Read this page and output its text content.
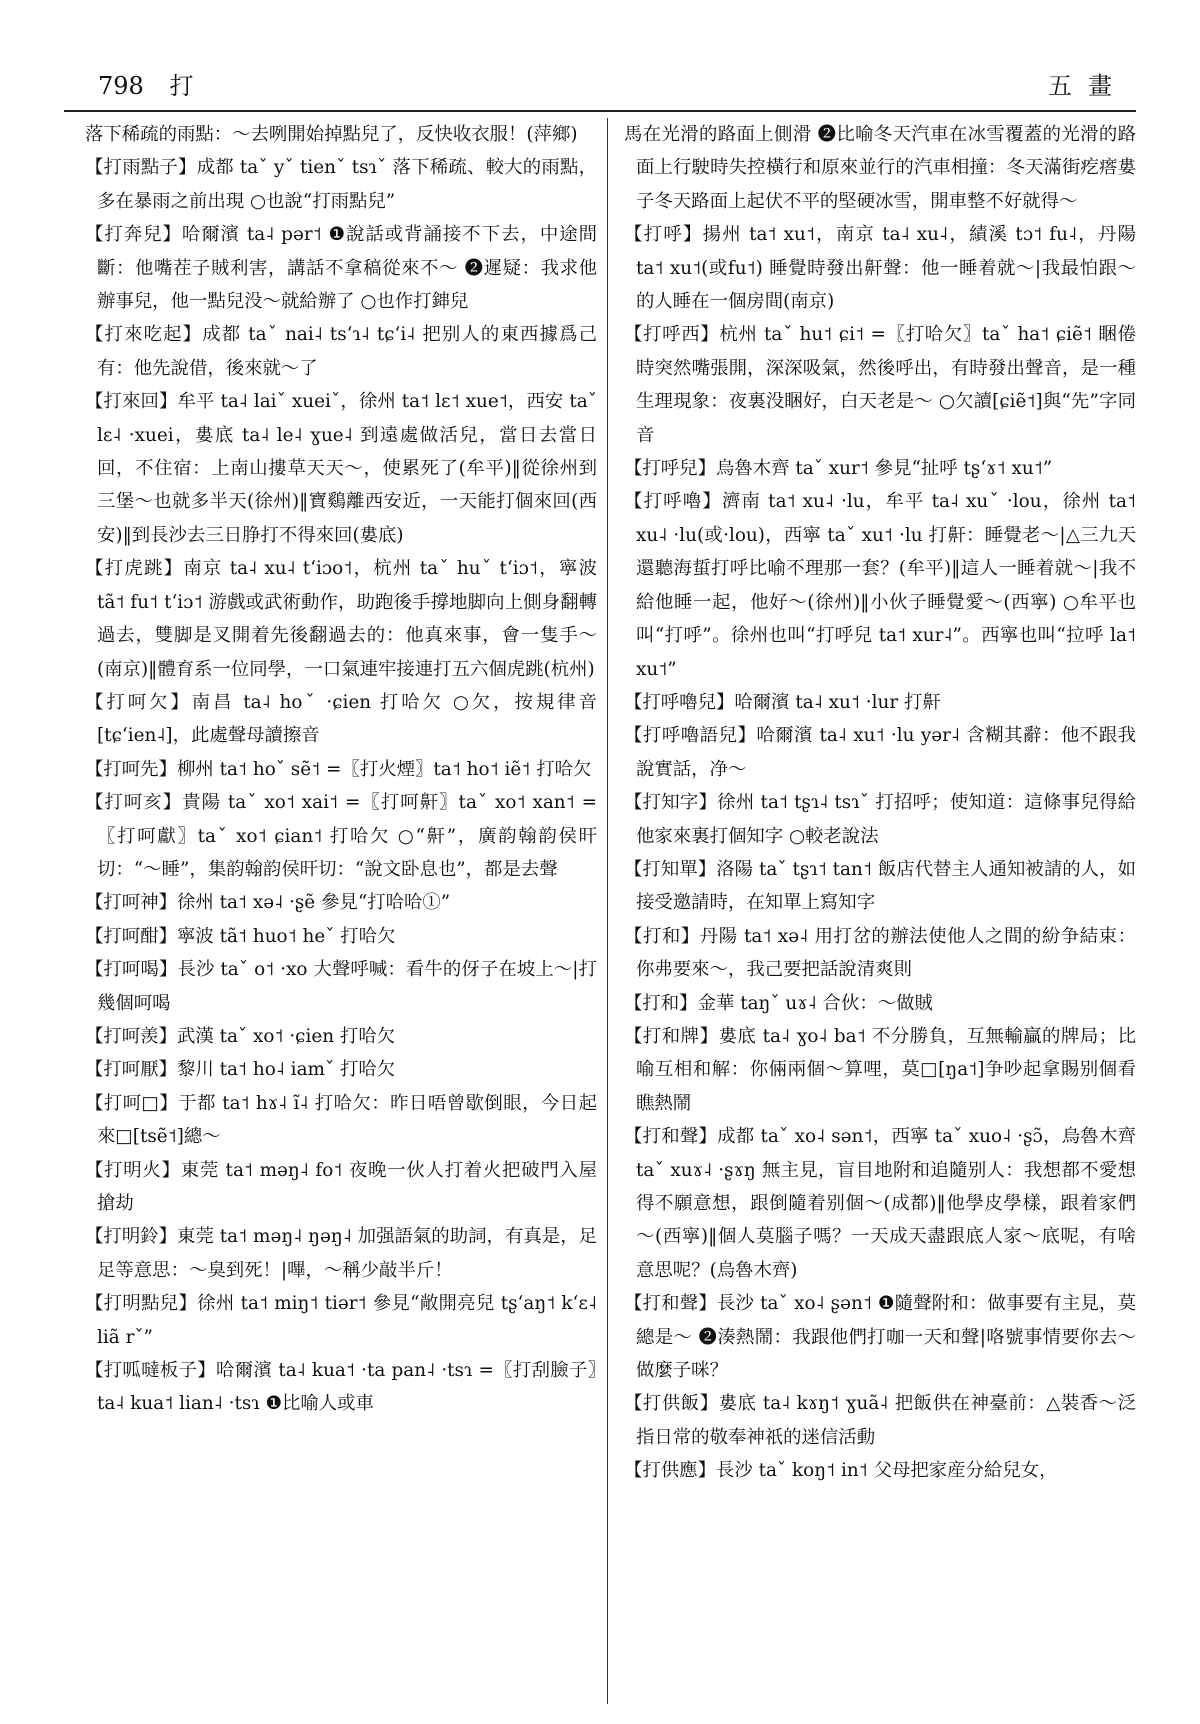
798 打	五畫

落下稀疏的雨點：～去咧開始掉點兒了，反快收衣服！(萍鄉)

【打雨點子】成都 taˇ yˇ tienˇ tsɿˇ 落下稀疏、較大的雨點，多在暴雨之前出現 ○也說“打雨點兒”

【打奔兒】哈爾濱 ta˨ pər˦ ❶說話或背誦接不下去，中途間斷：他嘴茬子賊利害，講話不拿稿從來不～ ❷遲疑：我求他辦事兒，他一點兒没～就給辦了 ○也作打鋛兒

【打來吃起】成都 taˇ nai˨ tsʻɿ˨ tɕʻi˨ 把别人的東西據爲己有：他先說借，後來就～了

【打來回】牟平 ta˨ laiˇ xueiˇ，徐州 ta˦ lɛ˦ xue˦，西安 taˇ lɛ˨ ·xuei，婁底 ta˨ le˨ ɣue˨ 到遠處做活兒，當日去當日回，不住宿：上南山摟草天天～，使累死了(牟平)‖從徐州到三堡～也就多半天(徐州)‖寶鷄離西安近，一天能打個來回(西安)‖到長沙去三日㬹打不得來回(婁底)

【打虎跳】南京 ta˨ xu˨ tʻiɔo˦，杭州 taˇ huˇ tʻiɔ˦，寧波 tã˦ fu˦ tʻiɔ˦ 游戲或武術動作，助跑後手撐地脚向上側身翻轉過去，雙脚是叉開着先後翻過去的：他真來事，會一隻手～(南京)‖體育系一位同學，一口氣連牢接連打五六個虎跳(杭州)

【打呵欠】南昌 ta˨ hoˇ ·ɕien 打哈欠 ○欠，按規律音[tɕʻien˨]，此處聲母讀擦音

【打呵先】柳州 ta˦ hoˇ sẽ˦ =〖打火煙〗ta˦ ho˦ iẽ˦ 打哈欠

【打呵亥】貴陽 taˇ xo˦ xai˦ =〖打呵鼾〗taˇ xo˦ xan˦ =〖打呵獻〗taˇ xo˦ ɕian˦ 打哈欠 ○“鼾”，廣韵翰韵侯旰切：“～睡”，集韵翰韵侯旰切：“說文卧息也”，都是去聲

【打呵神】徐州 ta˦ xə˨ ·ʂẽ 參見“打哈哈①”

【打呵酣】寧波 tã˦ huo˦ heˇ 打哈欠

【打呵喝】長沙 taˇ o˦ ·xo 大聲呼喊：看牛的伢子在坡上～|打幾個呵喝

【打呵羡】武漢 taˇ xo˦ ·ɕien 打哈欠

【打呵厭】黎川 ta˦ ho˨ iamˇ 打哈欠

【打呵□】于都 ta˦ hɤ˨ ĩ˨ 打哈欠：昨日唔曾歇倒眼，今日起來□[tsẽ˦]總～

【打明火】東莞 ta˦ məŋ˨ fo˦ 夜晚一伙人打着火把破門入屋搶劫

【打明鈴】東莞 ta˦ məŋ˨ ŋəŋ˨ 加强語氣的助詞，有真是，足足等意思：～臭到死！|嗶，～稱少敲半斤！

【打明點兒】徐州 ta˦ miŋ˦ tiər˦ 參見“敞開亮兒 tʂʻaŋ˦ kʻɛ˨ liã rˇ”

【打呱噠板子】哈爾濱 ta˨ kua˦ ·ta pan˨ ·tsɿ =〖打刮臉子〗ta˨ kua˦ lian˨ ·tsɿ ❶比喻人或車

馬在光滑的路面上側滑 ❷比喻冬天汽車在冰雪覆蓋的光滑的路面上行駛時失控橫行和原來並行的汽車相撞：冬天滿街疙瘩婁子冬天路面上起伏不平的堅硬冰雪，開車整不好就得～

【打呼】揚州 ta˦ xu˦，南京 ta˨ xu˨，績溪 tɔ˦ fu˨，丹陽 ta˦ xu˦(或fu˦) 睡覺時發出鼾聲：他一睡着就～|我最怕跟～的人睡在一個房間(南京)

【打呼西】杭州 taˇ hu˦ ɕi˦ =〖打哈欠〗taˇ ha˦ ɕiẽ˦ 睏倦時突然嘴張開，深深吸氣，然後呼出，有時發出聲音，是一種生理現象：夜裏没睏好，白天老是～ ○欠讀[ɕiẽ˦]與“先”字同音

【打呼兒】烏魯木齊 taˇ xur˦ 參見“扯呼 tʂʻɤ˦ xu˦”

【打呼嚕】濟南 ta˦ xu˨ ·lu，牟平 ta˨ xuˇ ·lou，徐州 ta˦ xu˨ ·lu(或·lou)，西寧 taˇ xu˦ ·lu 打鼾：睡覺老～|△三九天還聽海蜇打呼比喻不理那一套？(牟平)‖這人一睡着就～|我不給他睡一起，他好～(徐州)‖小伙子睡覺愛～(西寧) ○牟平也叫“打呼”。徐州也叫“打呼兒 ta˦ xur˨”。西寧也叫“拉呼 la˦ xu˦”

【打呼嚕兒】哈爾濱 ta˨ xu˦ ·lur 打鼾

【打呼嚕語兒】哈爾濱 ta˨ xu˦ ·lu yər˨ 含糊其辭：他不跟我說實話，净～

【打知字】徐州 ta˦ tʂɿ˨ tsɿˇ 打招呼；使知道：這條事兒得給他家來裏打個知字 ○較老說法

【打知單】洛陽 taˇ tʂɿ˦ tan˦ 飯店代替主人通知被請的人，如接受邀請時，在知單上寫知字

【打和】丹陽 ta˦ xə˨ 用打岔的辦法使他人之間的紛争結束：你弗要來～，我己要把話說清爽則

【打和】金華 taŋˇ uɤ˨ 合伙：～做賊

【打和牌】婁底 ta˨ ɣo˨ ba˦ 不分勝負，互無輸贏的牌局；比喻互相和解：你倆兩個～算哩，莫□[ŋa˦]争吵起拿賜别個看瞧熱鬧

【打和聲】成都 taˇ xo˨ sən˦，西寧 taˇ xuo˨ ·ʂɔ̃，烏魯木齊 taˇ xuɤ˨ ·ʂɤŋ 無主見，盲目地附和追隨别人：我想都不愛想得不願意想，跟倒隨着别個～(成都)‖他學皮學樣，跟着家們～(西寧)‖個人莫腦子嗎？一天成天盡跟底人家～底呢，有啥意思呢？(烏魯木齊)

【打和聲】長沙 taˇ xo˨ ʂən˦ ❶隨聲附和：做事要有主見，莫總是～ ❷湊熱鬧：我跟他們打咖一天和聲|咯號事情要你去～做麼子咪？

【打供飯】婁底 ta˨ kɤŋ˦ ɣuã˨ 把飯供在神臺前：△裝香～泛指日常的敬奉神祇的迷信活動

【打供應】長沙 taˇ koŋ˦ in˦ 父母把家産分給兒女，
